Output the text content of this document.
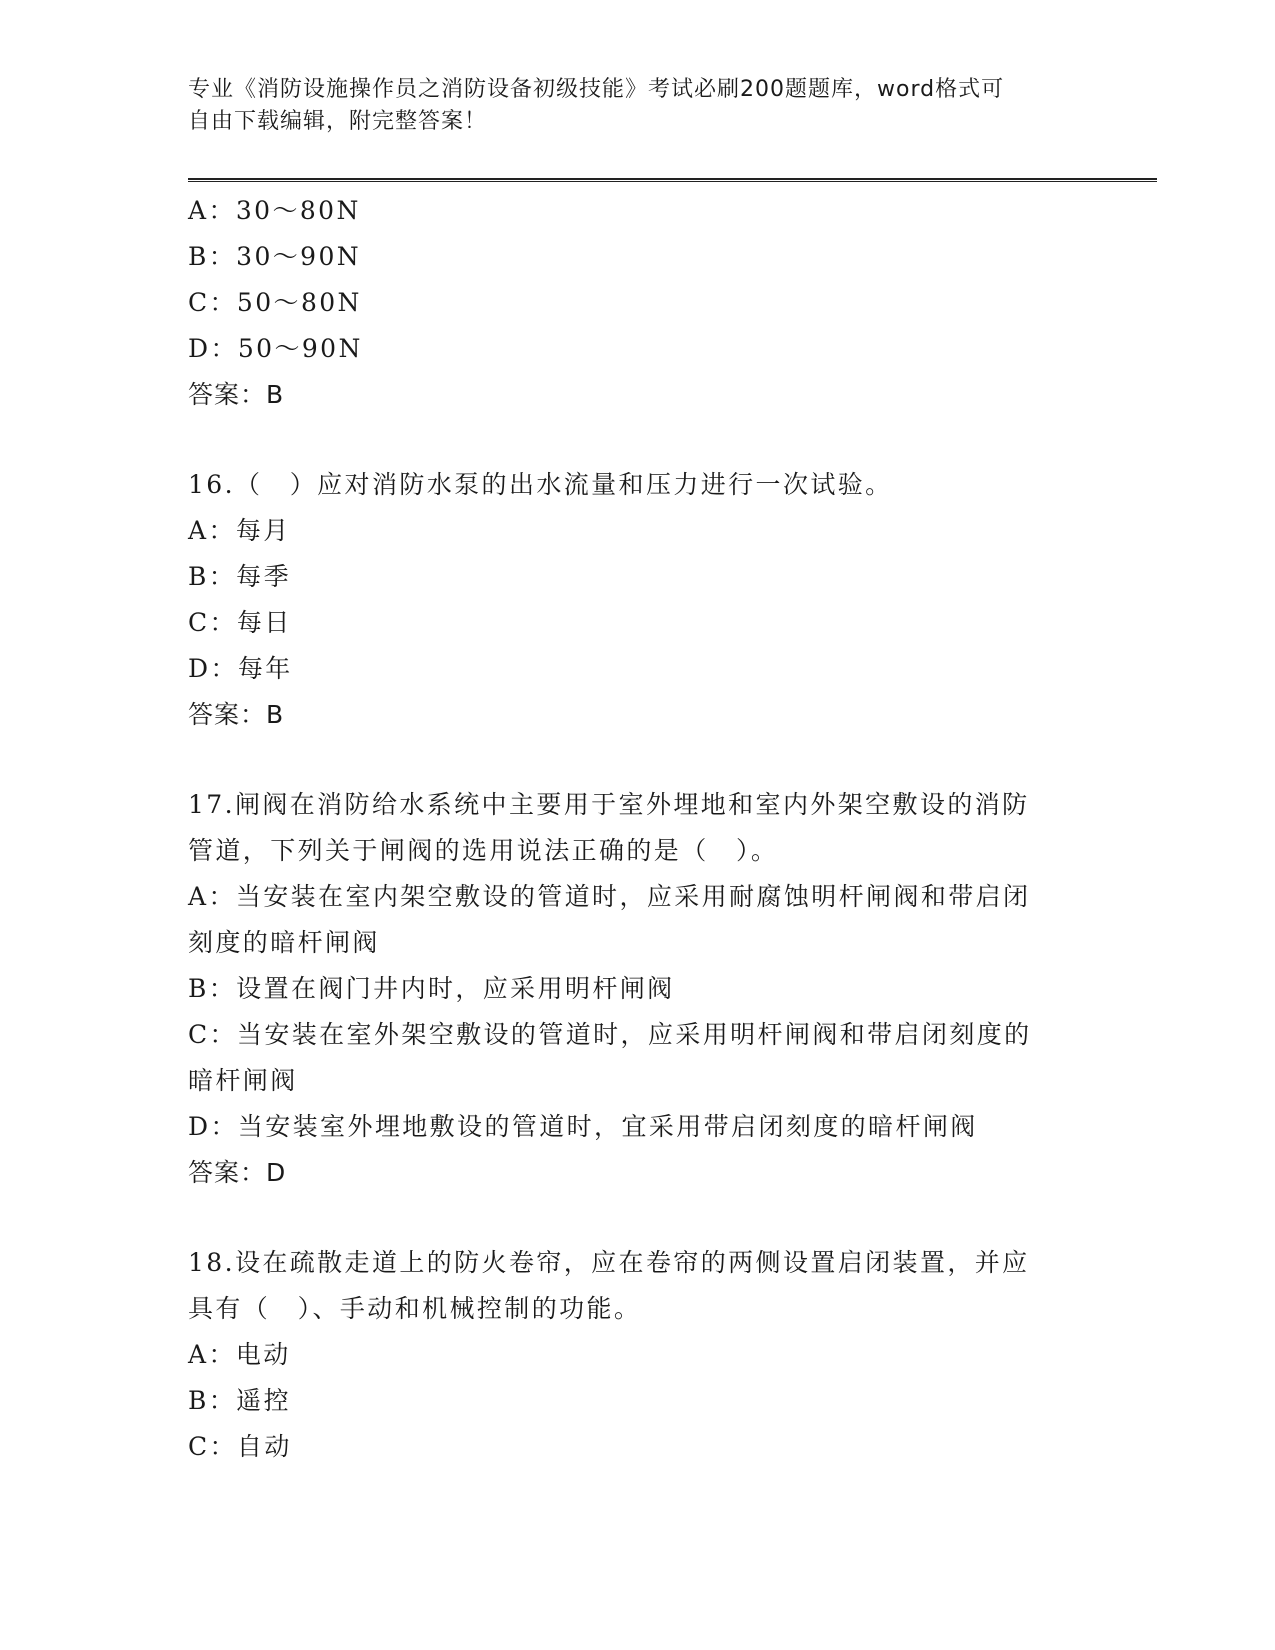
专业《消防设施操作员之消防设备初级技能》考试必刷200题题库，word格式可
自由下载编辑，附完整答案！
A：30～80N
B：30～90N
C：50～80N
D：50～90N
答案：B
16.（　）应对消防水泵的出水流量和压力进行一次试验。
A：每月
B：每季
C：每日
D：每年
答案：B
17.闸阀在消防给水系统中主要用于室外埋地和室内外架空敷设的消防
管道，下列关于闸阀的选用说法正确的是（　）。
A：当安装在室内架空敷设的管道时，应采用耐腐蚀明杆闸阀和带启闭
刻度的暗杆闸阀
B：设置在阀门井内时，应采用明杆闸阀
C：当安装在室外架空敷设的管道时，应采用明杆闸阀和带启闭刻度的
暗杆闸阀
D：当安装室外埋地敷设的管道时，宜采用带启闭刻度的暗杆闸阀
答案：D
18.设在疏散走道上的防火卷帘，应在卷帘的两侧设置启闭装置，并应
具有（　）、手动和机械控制的功能。
A：电动
B：遥控
C：自动
